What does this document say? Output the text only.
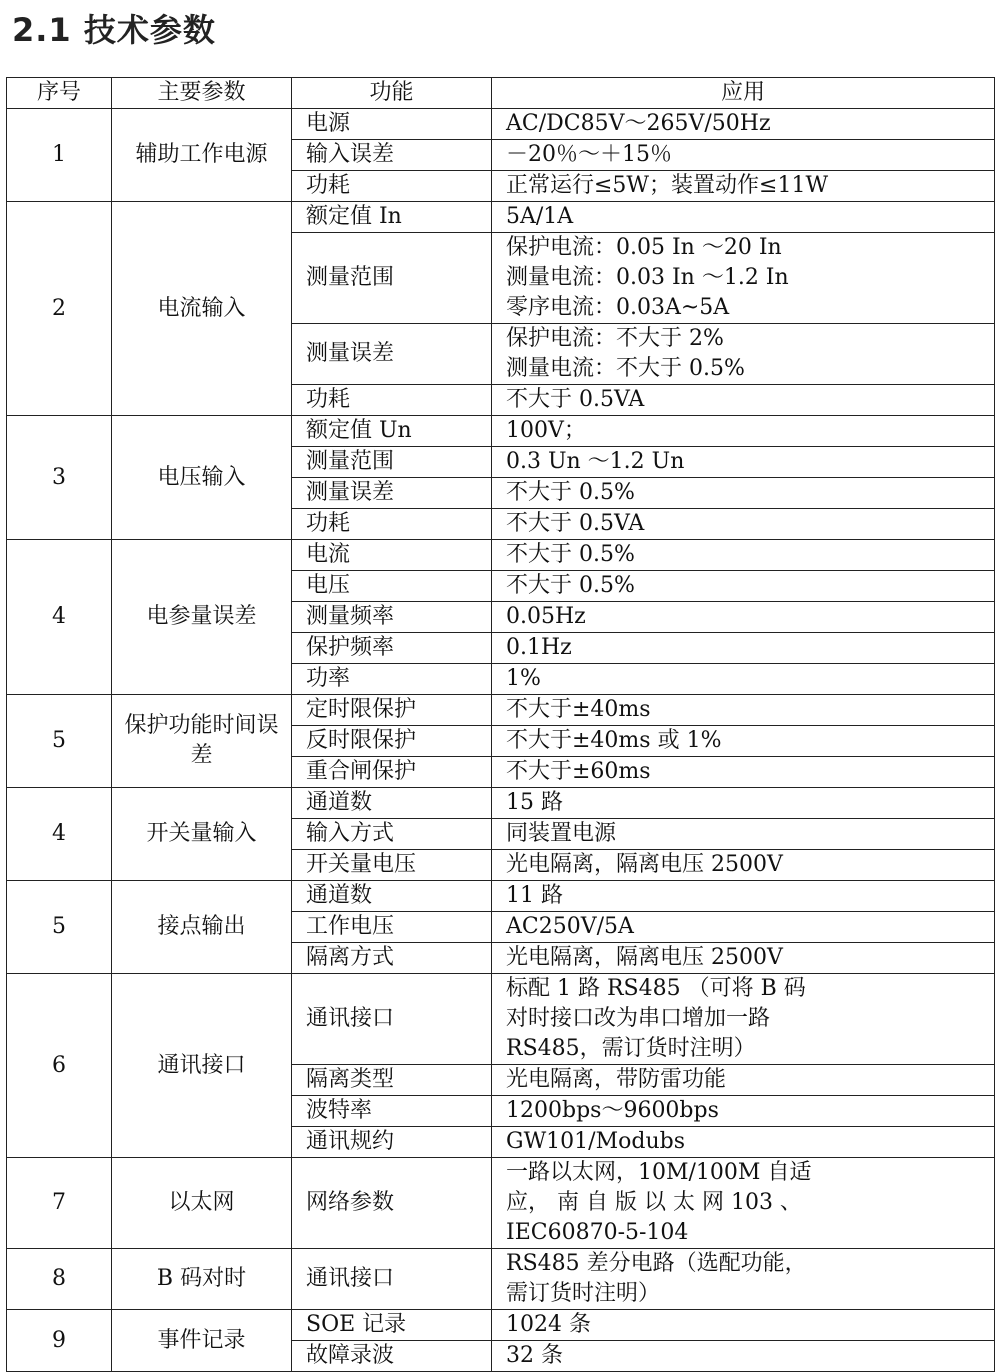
2.1 技术参数
序号	主要参数	功能	应用
1	辅助工作电源	电源	AC/DC85V～265V/50Hz

		输入误差	－20％～＋15％

		功耗	正常运行≤5W；装置动作≤11W

2	电流输入	额定值 In	5A/1A

		测量范围	保护电流：0.05 In ～20 In
测量电流：0.03 In ～1.2 In
零序电流：0.03A~5A

		测量误差	保护电流：不大于 2%
测量电流：不大于 0.5%

		功耗	不大于 0.5VA

3	电压输入	额定值 Un	100V；

		测量范围	0.3 Un ～1.2 Un

		测量误差	不大于 0.5%

		功耗	不大于 0.5VA

4	电参量误差	电流	不大于 0.5%

		电压	不大于 0.5%

		测量频率	0.05Hz

		保护频率	0.1Hz

		功率	1%

5	保护功能时间误差	定时限保护	不大于±40ms

		反时限保护	不大于±40ms 或 1%

		重合闸保护	不大于±60ms

4	开关量输入	通道数	15 路

		输入方式	同装置电源

		开关量电压	光电隔离，隔离电压 2500V

5	接点输出	通道数	11 路

		工作电压	AC250V/5A

		隔离方式	光电隔离，隔离电压 2500V

6	通讯接口	通讯接口	标配 1 路 RS485 （可将 B 码
对时接口改为串口增加一路
RS485，需订货时注明）

		隔离类型	光电隔离，带防雷功能

		波特率	1200bps～9600bps

		通讯规约	GW101/Modubs

7	以太网	网络参数	一路以太网，10M/100M 自适
应， 南 自 版 以 太 网 103 、
IEC60870-5-104

8	B 码对时	通讯接口	RS485 差分电路（选配功能，
需订货时注明）

9	事件记录	SOE 记录	1024 条

		故障录波	32 条
